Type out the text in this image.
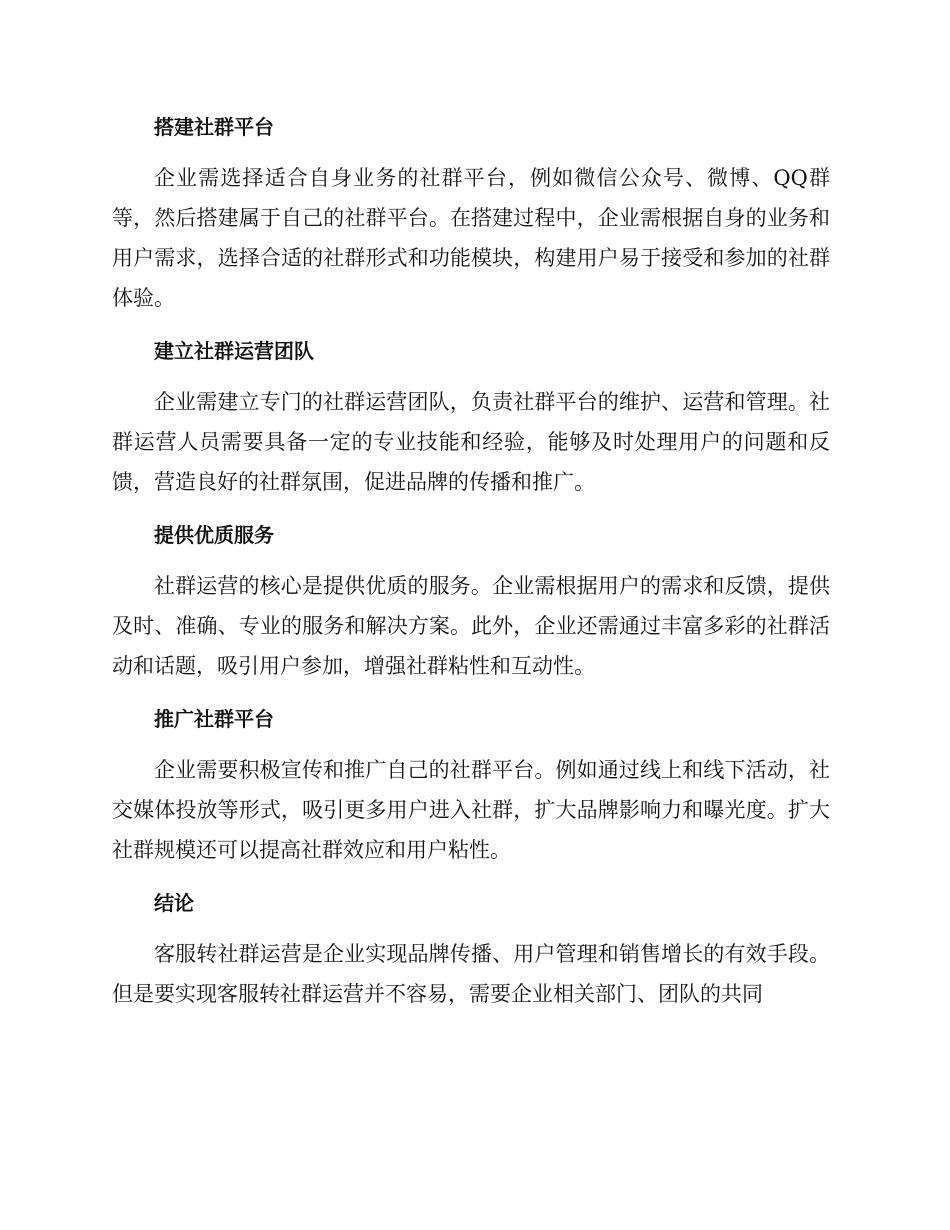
搭建社群平台

企业需选择适合自身业务的社群平台，例如微信公众号、微博、QQ群等，然后搭建属于自己的社群平台。在搭建过程中，企业需根据自身的业务和用户需求，选择合适的社群形式和功能模块，构建用户易于接受和参加的社群体验。

建立社群运营团队

企业需建立专门的社群运营团队，负责社群平台的维护、运营和管理。社群运营人员需要具备一定的专业技能和经验，能够及时处理用户的问题和反馈，营造良好的社群氛围，促进品牌的传播和推广。

提供优质服务

社群运营的核心是提供优质的服务。企业需根据用户的需求和反馈，提供及时、准确、专业的服务和解决方案。此外，企业还需通过丰富多彩的社群活动和话题，吸引用户参加，增强社群粘性和互动性。

推广社群平台

企业需要积极宣传和推广自己的社群平台。例如通过线上和线下活动，社交媒体投放等形式，吸引更多用户进入社群，扩大品牌影响力和曝光度。扩大社群规模还可以提高社群效应和用户粘性。

结论

客服转社群运营是企业实现品牌传播、用户管理和销售增长的有效手段。但是要实现客服转社群运营并不容易，需要企业相关部门、团队的共同
